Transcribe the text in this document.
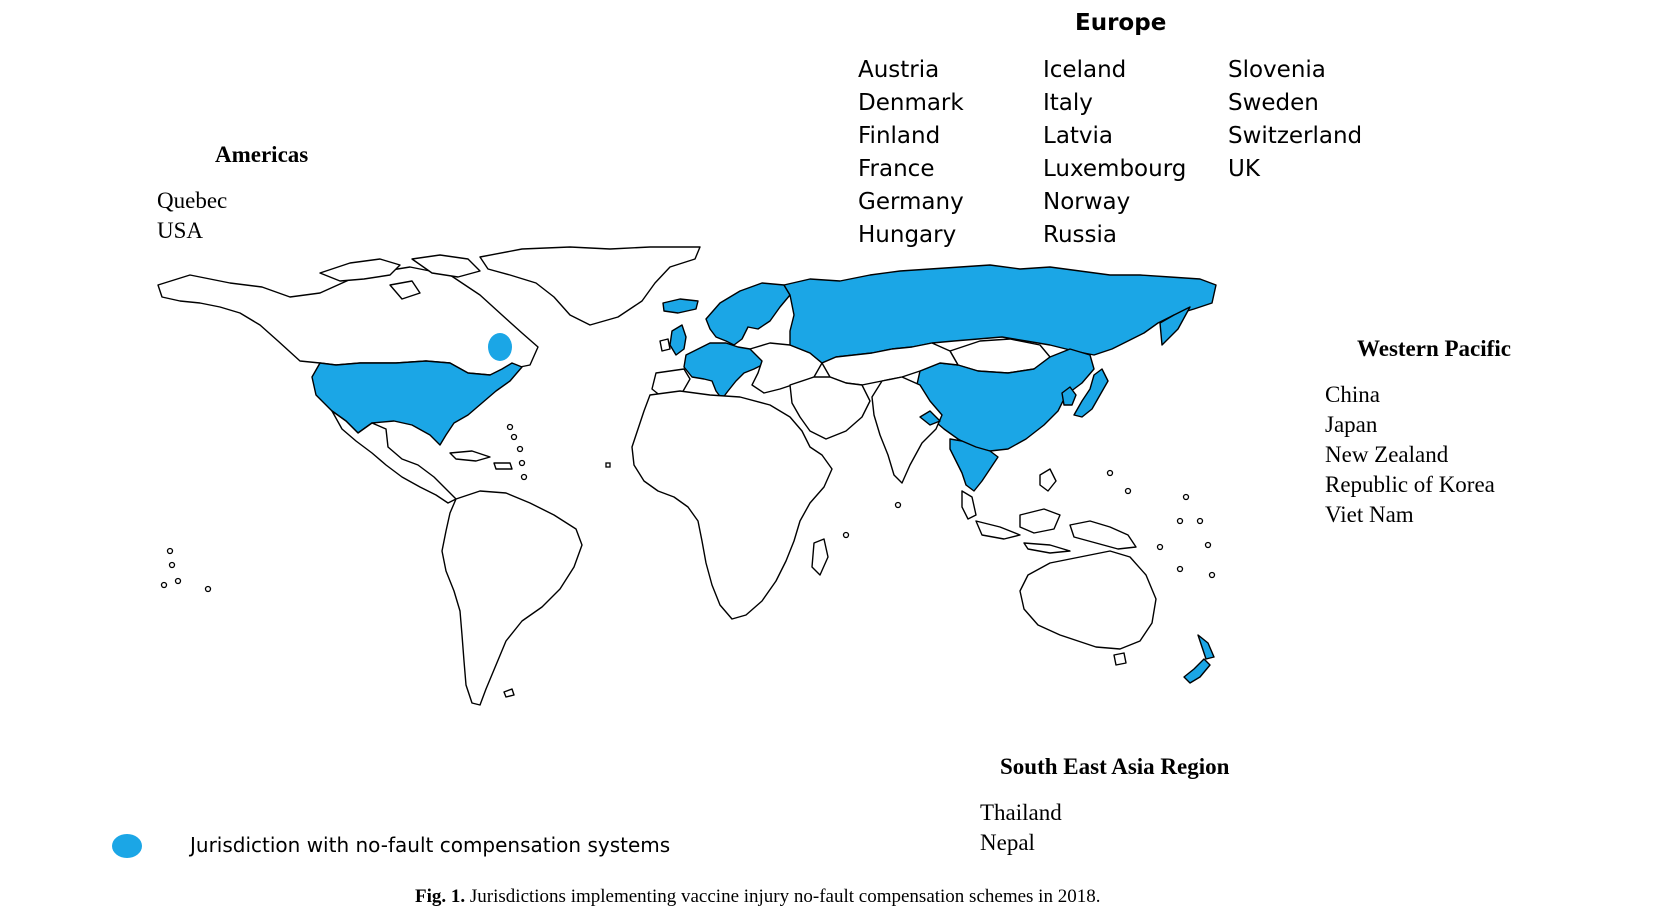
Europe
Austria
Denmark
Finland
France
Germany
Hungary
Iceland
Italy
Latvia
Luxembourg
Norway
Russia
Slovenia
Sweden
Switzerland
UK
Americas
Quebec
USA
Western Pacific
China
Japan
New Zealand
Republic of Korea
Viet Nam
South East Asia Region
Thailand
Nepal
Jurisdiction with no-fault compensation systems
Fig. 1. Jurisdictions implementing vaccine injury no-fault compensation schemes in 2018.
